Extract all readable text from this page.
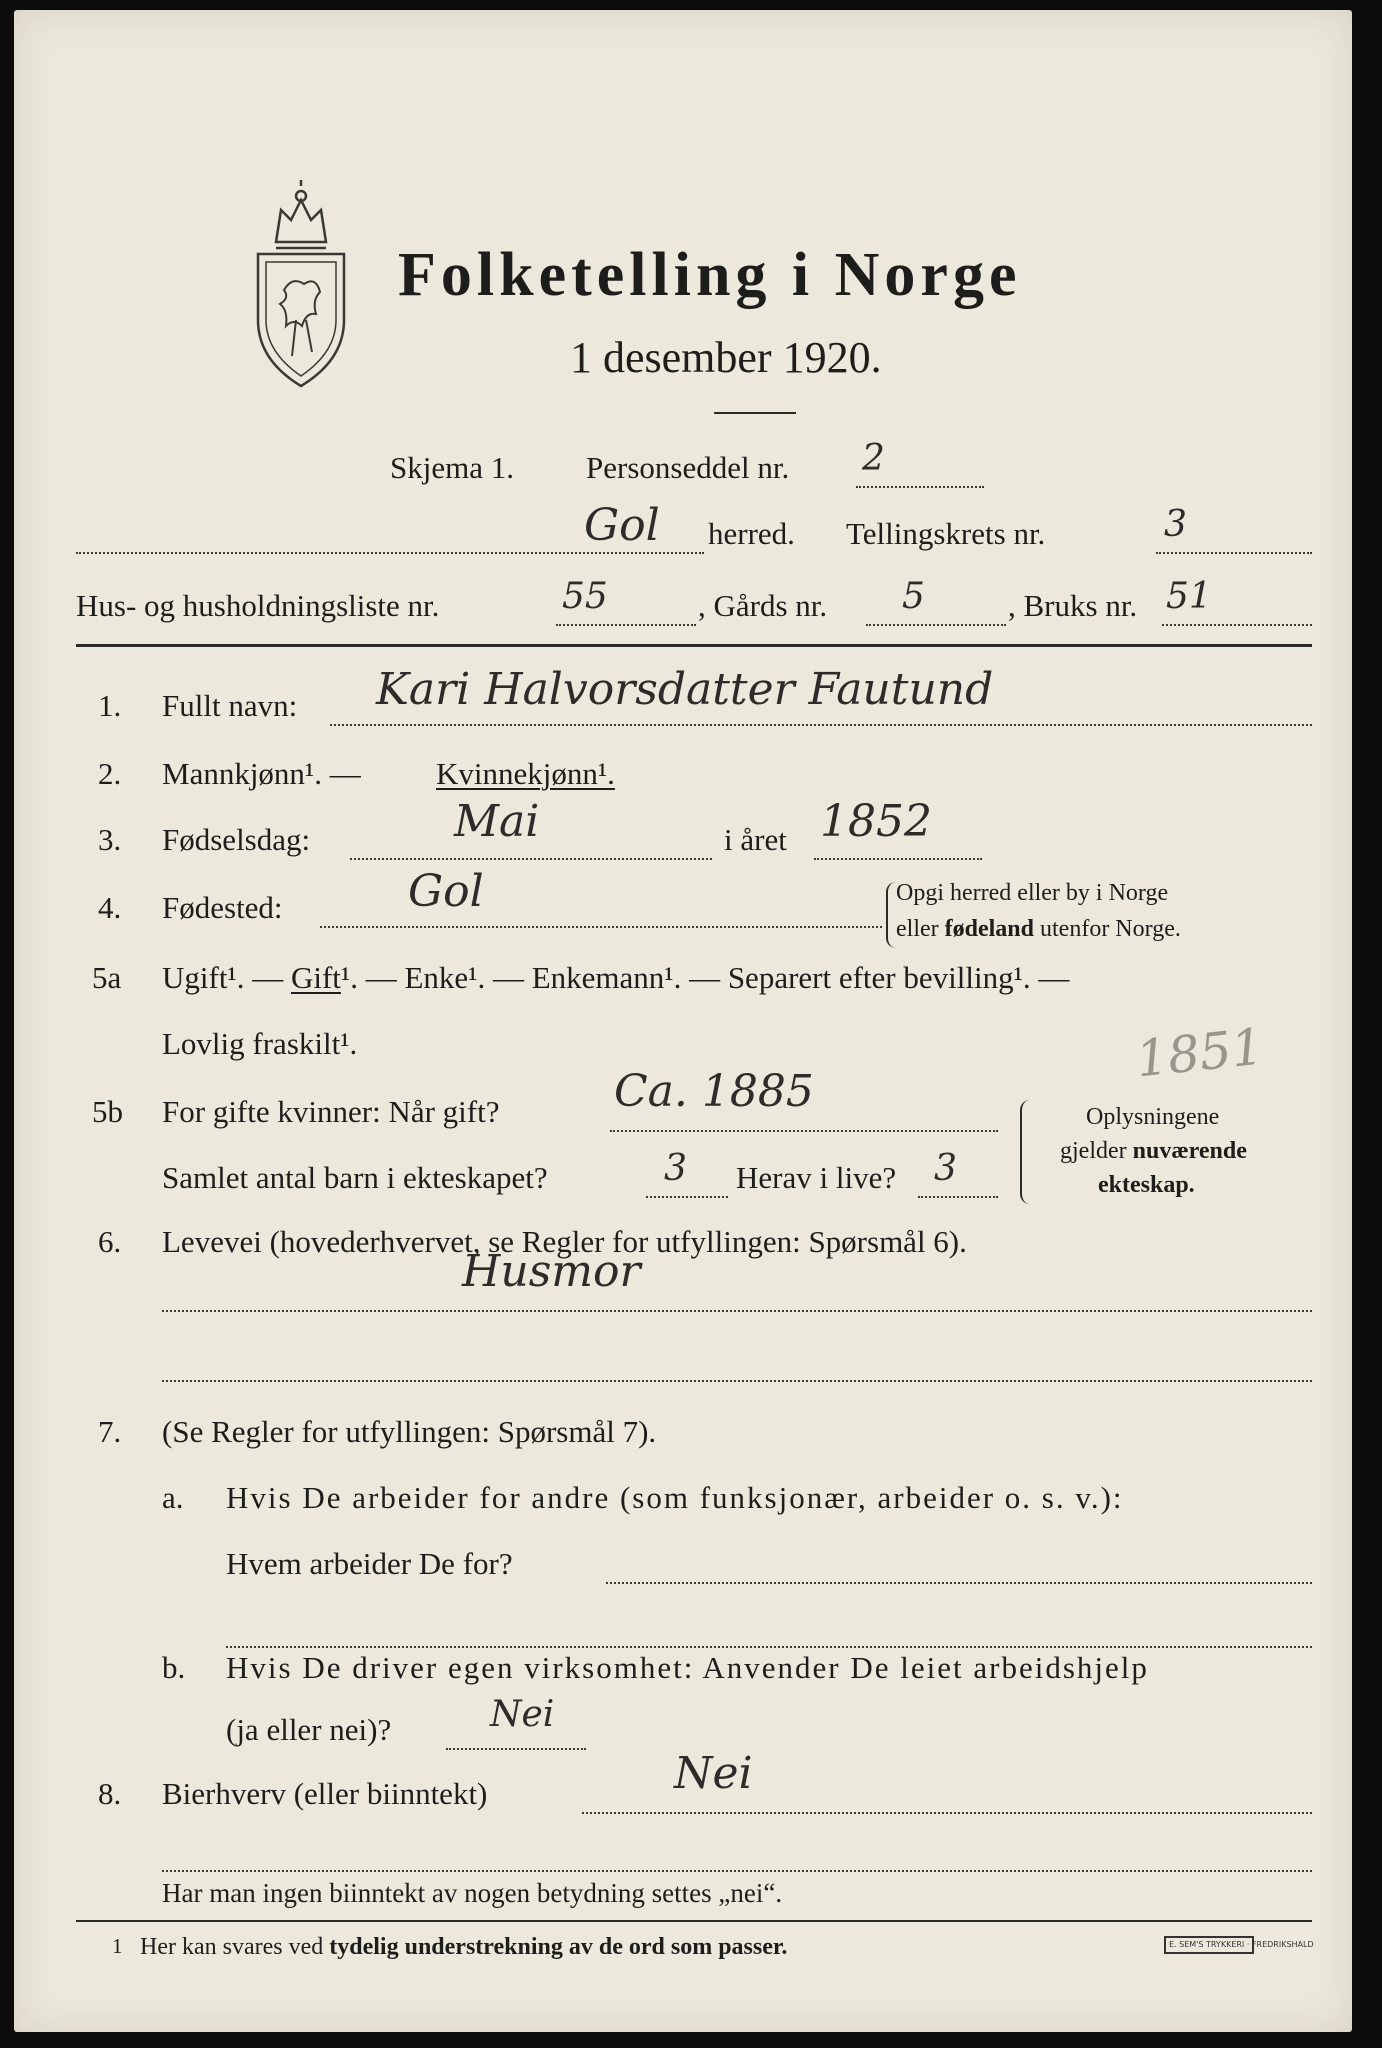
Folketelling i Norge
1 desember 1920.
Skjema 1. Personseddel nr. 2
Gol herred. Tellingskrets nr.	3
Hus- og husholdningsliste nr.	55	, Gårds nr. 5	, Bruks nr. 51
1. Fullt navn: Kari Halvorsdatter Fautund
2. Mannkjønn¹. — Kvinnekjønn¹.
3. Fødselsdag:	Mai	i året 1852
4. Fødested:	Gol	Opgi herred eller by i Norge
eller fødeland utenfor Norge.
5a Ugift¹. — Gift¹. — Enke¹. — Enkemann¹. — Separert efter bevilling¹. —
Lovlig fraskilt¹.	1851
5b For gifte kvinner: Når gift?	Ca. 1885
Samlet antal barn i ekteskapet?	3 Herav i live? 3
Oplysningene
gjelder nuværende
ekteskap.
6. Levevei (hovederhvervet, se Regler for utfyllingen: Spørsmål 6).
Husmor
7. (Se Regler for utfyllingen: Spørsmål 7).
a. Hvis De arbeider for andre (som funksjonær, arbeider o. s. v.):
Hvem arbeider De for?
b. Hvis De driver egen virksomhet: Anvender De leiet arbeidshjelp
(ja eller nei)?	Nei
8. Bierhverv (eller biinntekt)	Nei
Har man ingen biinntekt av nogen betydning settes „nei“.
1 Her kan svares ved tydelig understrekning av de ord som passer.	E. SEM'S TRYKKERI · FREDRIKSHALD
